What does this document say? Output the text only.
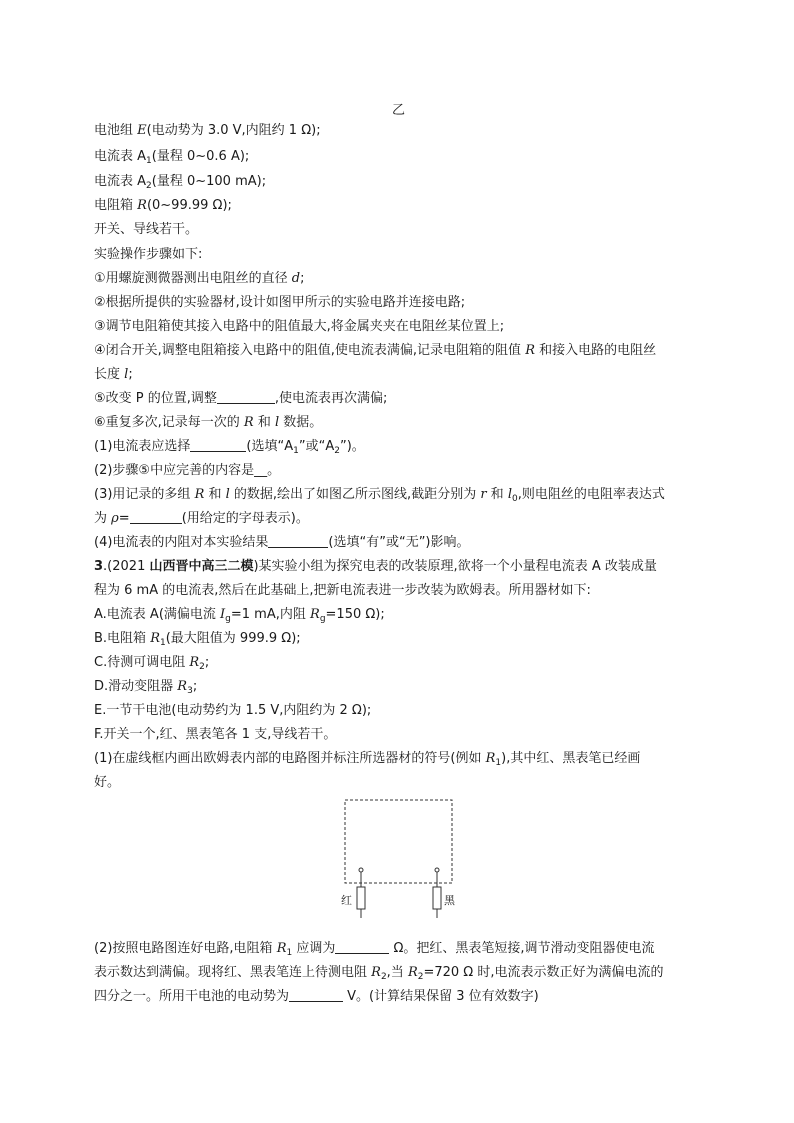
乙
电池组 E(电动势为 3.0 V,内阻约 1 Ω);
电流表 $A_1$(量程 0~0.6 A);
电流表 $A_2$(量程 0~100 mA);
电阻箱 R(0~99.99 Ω);
开关、导线若干。
实验操作步骤如下:
①用螺旋测微器测出电阻丝的直径 d;
②根据所提供的实验器材,设计如图甲所示的实验电路并连接电路;
③调节电阻箱使其接入电路中的阻值最大,将金属夹夹在电阻丝某位置上;
④闭合开关,调整电阻箱接入电路中的阻值,使电流表满偏,记录电阻箱的阻值 R 和接入电路的电阻丝
长度 l;
⑤改变 P 的位置,调整	,使电流表再次满偏;
⑥重复多次,记录每一次的 R 和 l 数据。
(1)电流表应选择	(选填“$A_1$”或“$A_2$”)。
(2)步骤⑤中应完善的内容是__。
(3)用记录的多组 R 和 l 的数据,绘出了如图乙所示图线,截距分别为 r 和 $l_0$,则电阻丝的电阻率表达式
为 ρ=	(用给定的字母表示)。
(4)电流表的内阻对本实验结果	(选填“有”或“无”)影响。
3.(2021 山西晋中高三二模)某实验小组为探究电表的改装原理,欲将一个小量程电流表 A 改装成量
程为 6 mA 的电流表,然后在此基础上,把新电流表进一步改装为欧姆表。所用器材如下:
A.电流表 A(满偏电流 $I_g=1$ mA,内阻 $R_g=150$ Ω);
B.电阻箱 $R_1$(最大阻值为 999.9 Ω);
C.待测可调电阻 $R_2$;
D.滑动变阻器 $R_3$;
E.一节干电池(电动势约为 1.5 V,内阻约为 2 Ω);
F.开关一个,红、黑表笔各 1 支,导线若干。
(1)在虚线框内画出欧姆表内部的电路图并标注所选器材的符号(例如 $R_1$),其中红、黑表笔已经画
好。
红	黑
(2)按照电路图连好电路,电阻箱 $R_1$ 应调为	Ω。把红、黑表笔短接,调节滑动变阻器使电流
表示数达到满偏。现将红、黑表笔连上待测电阻 $R_2$,当 $R_2=720$ Ω 时,电流表示数正好为满偏电流的
四分之一。所用干电池的电动势为	V。(计算结果保留 3 位有效数字)
